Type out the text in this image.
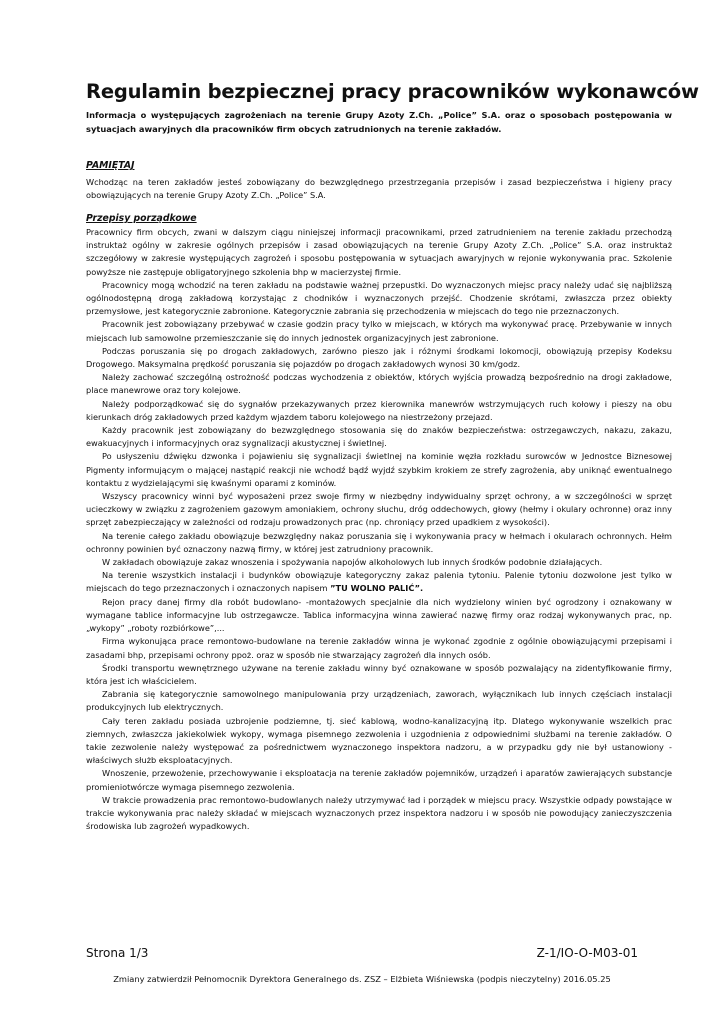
Regulamin bezpiecznej pracy pracowników wykonawców

Informacja o występujących zagrożeniach na terenie Grupy Azoty Z.Ch. „Police” S.A. oraz o sposobach postępowania w sytuacjach awaryjnych dla pracowników firm obcych zatrudnionych na terenie zakładów.

PAMIĘTAJ

Wchodząc na teren zakładów jesteś zobowiązany do bezwzględnego przestrzegania przepisów i zasad bezpieczeństwa i higieny pracy obowiązujących na terenie Grupy Azoty Z.Ch. „Police” S.A.

Przepisy porządkowe

Pracownicy firm obcych, zwani w dalszym ciągu niniejszej informacji pracownikami, przed zatrudnieniem na terenie zakładu przechodzą instruktaż ogólny w zakresie ogólnych przepisów i zasad obowiązujących na terenie Grupy Azoty Z.Ch. „Police” S.A. oraz instruktaż szczegółowy w zakresie występujących zagrożeń i sposobu postępowania w sytuacjach awaryjnych w rejonie wykonywania prac. Szkolenie powyższe nie zastępuje obligatoryjnego szkolenia bhp w macierzystej firmie.

Pracownicy mogą wchodzić na teren zakładu na podstawie ważnej przepustki. Do wyznaczonych miejsc pracy należy udać się najbliższą ogólnodostępną drogą zakładową korzystając z chodników i wyznaczonych przejść. Chodzenie skrótami, zwłaszcza przez obiekty przemysłowe, jest kategorycznie zabronione. Kategorycznie zabrania się przechodzenia w miejscach do tego nie przeznaczonych.

Pracownik jest zobowiązany przebywać w czasie godzin pracy tylko w miejscach, w których ma wykonywać pracę. Przebywanie w innych miejscach lub samowolne przemieszczanie się do innych jednostek organizacyjnych jest zabronione.

Podczas poruszania się po drogach zakładowych, zarówno pieszo jak i różnymi środkami lokomocji, obowiązują przepisy Kodeksu Drogowego. Maksymalna prędkość poruszania się pojazdów po drogach zakładowych wynosi 30 km/godz.

Należy zachować szczególną ostrożność podczas wychodzenia z obiektów, których wyjścia prowadzą bezpośrednio na drogi zakładowe, place manewrowe oraz tory kolejowe.

Należy podporządkować się do sygnałów przekazywanych przez kierownika manewrów wstrzymujących ruch kołowy i pieszy na obu kierunkach dróg zakładowych przed każdym wjazdem taboru kolejowego na niestrzeżony przejazd.

Każdy pracownik jest zobowiązany do bezwzględnego stosowania się do znaków bezpieczeństwa: ostrzegawczych, nakazu, zakazu, ewakuacyjnych i informacyjnych oraz sygnalizacji akustycznej i świetlnej.

Po usłyszeniu dźwięku dzwonka i pojawieniu się sygnalizacji świetlnej na kominie węzła rozkładu surowców w Jednostce Biznesowej Pigmenty informującym o mającej nastąpić reakcji nie wchodź bądź wyjdź szybkim krokiem ze strefy zagrożenia, aby uniknąć ewentualnego kontaktu z wydzielającymi się kwaśnymi oparami z kominów.

Wszyscy pracownicy winni być wyposażeni przez swoje firmy w niezbędny indywidualny sprzęt ochrony, a w szczególności w sprzęt ucieczkowy w związku z zagrożeniem gazowym amoniakiem, ochrony słuchu, dróg oddechowych, głowy (hełmy i okulary ochronne) oraz inny sprzęt zabezpieczający w zależności od rodzaju prowadzonych prac (np. chroniący przed upadkiem z wysokości).

Na terenie całego zakładu obowiązuje bezwzględny nakaz poruszania się i wykonywania pracy w hełmach i okularach ochronnych. Hełm ochronny powinien być oznaczony nazwą firmy, w której jest zatrudniony pracownik.

W zakładach obowiązuje zakaz wnoszenia i spożywania napojów alkoholowych lub innych środków podobnie działających.

Na terenie wszystkich instalacji i budynków obowiązuje kategoryczny zakaz palenia tytoniu. Palenie tytoniu dozwolone jest tylko w miejscach do tego przeznaczonych i oznaczonych napisem ”TU WOLNO PALIĆ”.

Rejon pracy danej firmy dla robót budowlano- -montażowych specjalnie dla nich wydzielony winien być ogrodzony i oznakowany w wymagane tablice informacyjne lub ostrzegawcze. Tablica informacyjna winna zawierać nazwę firmy oraz rodzaj wykonywanych prac, np. „wykopy” „roboty rozbiórkowe”,...

Firma wykonująca prace remontowo-budowlane na terenie zakładów winna je wykonać zgodnie z ogólnie obowiązującymi przepisami i zasadami bhp, przepisami ochrony ppoż. oraz w sposób nie stwarzający zagrożeń dla innych osób.

Środki transportu wewnętrznego używane na terenie zakładu winny być oznakowane w sposób pozwalający na zidentyfikowanie firmy, która jest ich właścicielem.

Zabrania się kategorycznie samowolnego manipulowania przy urządzeniach, zaworach, wyłącznikach lub innych częściach instalacji produkcyjnych lub elektrycznych.

Cały teren zakładu posiada uzbrojenie podziemne, tj. sieć kablową, wodno-kanalizacyjną itp. Dlatego wykonywanie wszelkich prac ziemnych, zwłaszcza jakiekolwiek wykopy, wymaga pisemnego zezwolenia i uzgodnienia z odpowiednimi służbami na terenie zakładów. O takie zezwolenie należy występować za pośrednictwem wyznaczonego inspektora nadzoru, a w przypadku gdy nie był ustanowiony - właściwych służb eksploatacyjnych.

Wnoszenie, przewożenie, przechowywanie i eksploatacja na terenie zakładów pojemników, urządzeń i aparatów zawierających substancje promieniotwórcze wymaga pisemnego zezwolenia.

W trakcie prowadzenia prac remontowo-budowlanych należy utrzymywać ład i porządek w miejscu pracy. Wszystkie odpady powstające w trakcie wykonywania prac należy składać w miejscach wyznaczonych przez inspektora nadzoru i w sposób nie powodujący zanieczyszczenia środowiska lub zagrożeń wypadkowych.

Strona 1/3	Z-1/IO-O-M03-01
Zmiany zatwierdził Pełnomocnik Dyrektora Generalnego ds. ZSZ – Elżbieta Wiśniewska (podpis nieczytelny) 2016.05.25
